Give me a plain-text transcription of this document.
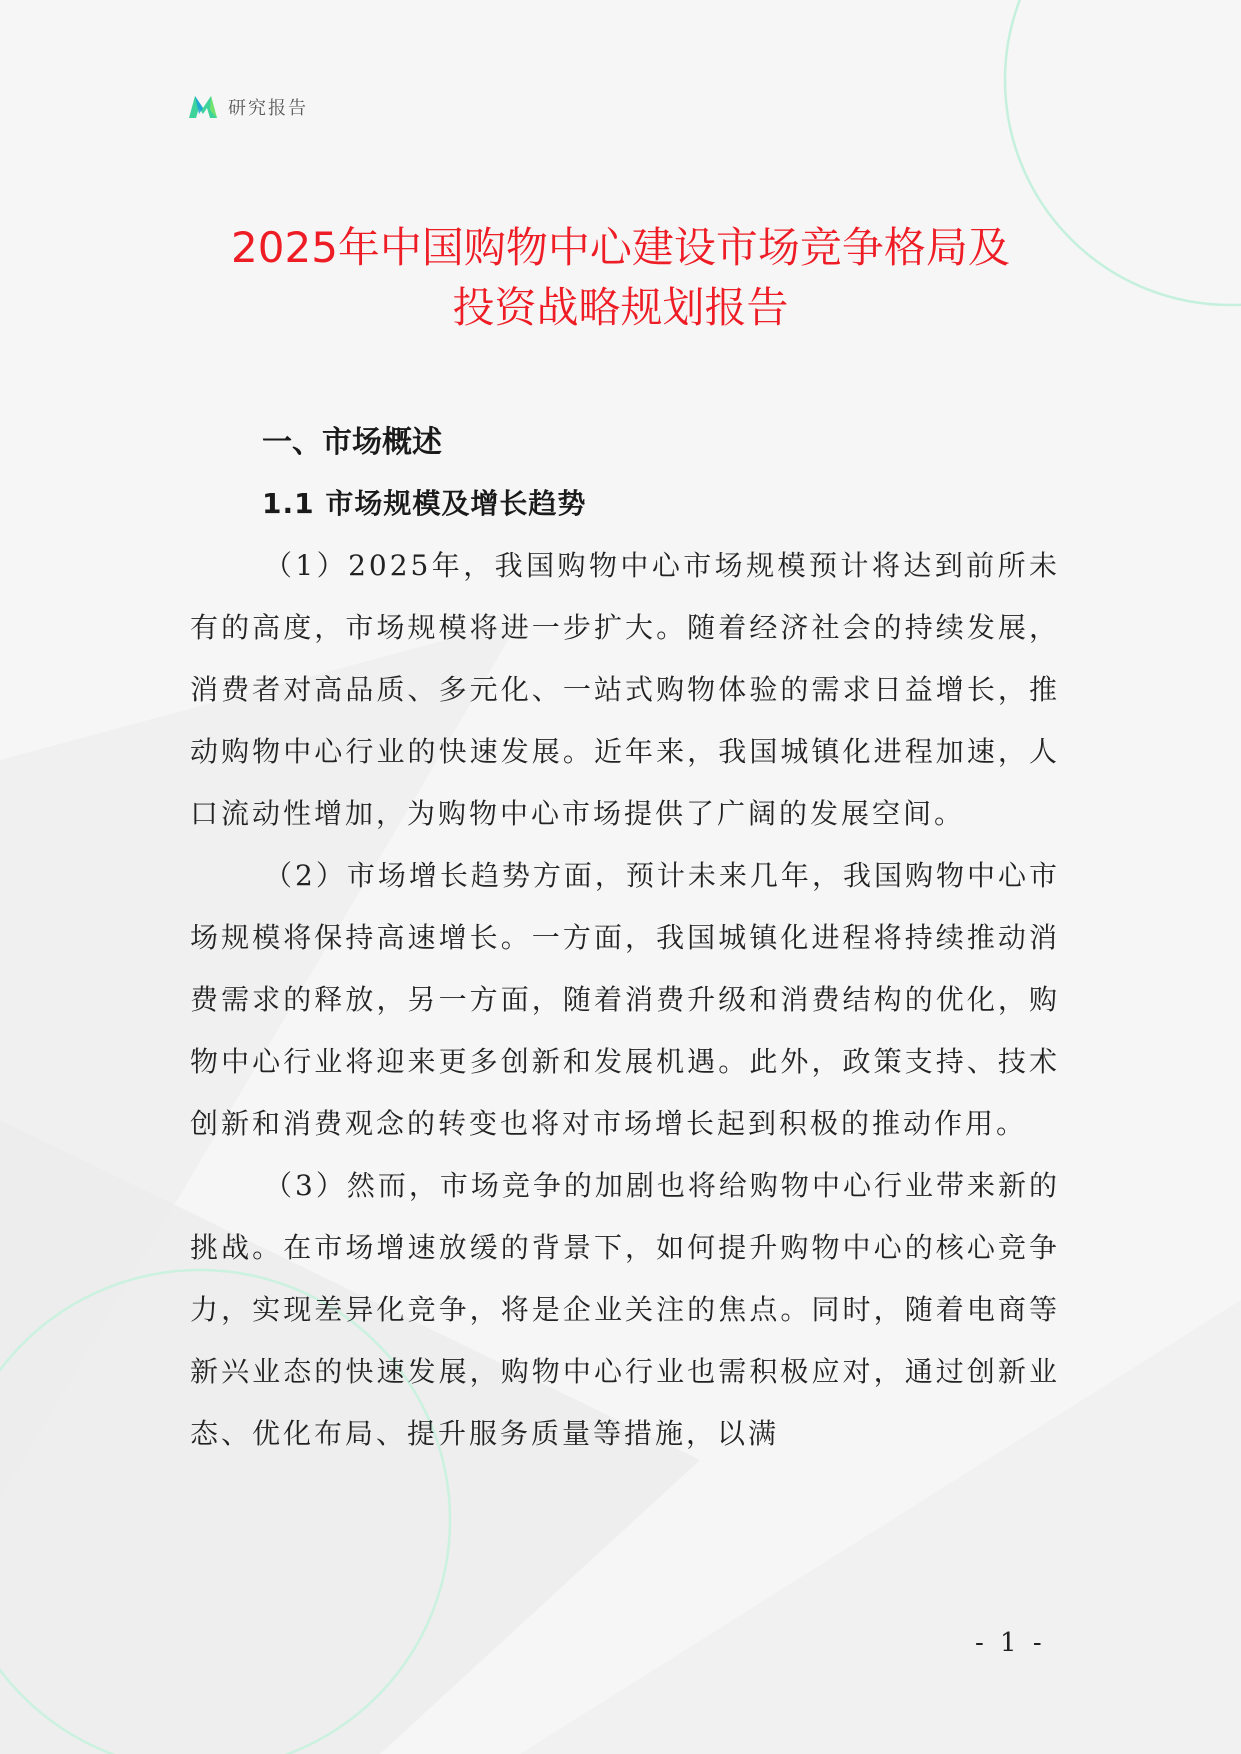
研究报告
2025年中国购物中心建设市场竞争格局及
投资战略规划报告
一、市场概述
1.1 市场规模及增长趋势

（1）2025年，我国购物中心市场规模预计将达到前所未有的高度，市场规模将进一步扩大。随着经济社会的持续发展，消费者对高品质、多元化、一站式购物体验的需求日益增长，推动购物中心行业的快速发展。近年来，我国城镇化进程加速，人口流动性增加，为购物中心市场提供了广阔的发展空间。

（2）市场增长趋势方面，预计未来几年，我国购物中心市场规模将保持高速增长。一方面，我国城镇化进程将持续推动消费需求的释放，另一方面，随着消费升级和消费结构的优化，购物中心行业将迎来更多创新和发展机遇。此外，政策支持、技术创新和消费观念的转变也将对市场增长起到积极的推动作用。

（3）然而，市场竞争的加剧也将给购物中心行业带来新的挑战。在市场增速放缓的背景下，如何提升购物中心的核心竞争力，实现差异化竞争，将是企业关注的焦点。同时，随着电商等新兴业态的快速发展，购物中心行业也需积极应对，通过创新业态、优化布局、提升服务质量等措施，以满

- 1 -
